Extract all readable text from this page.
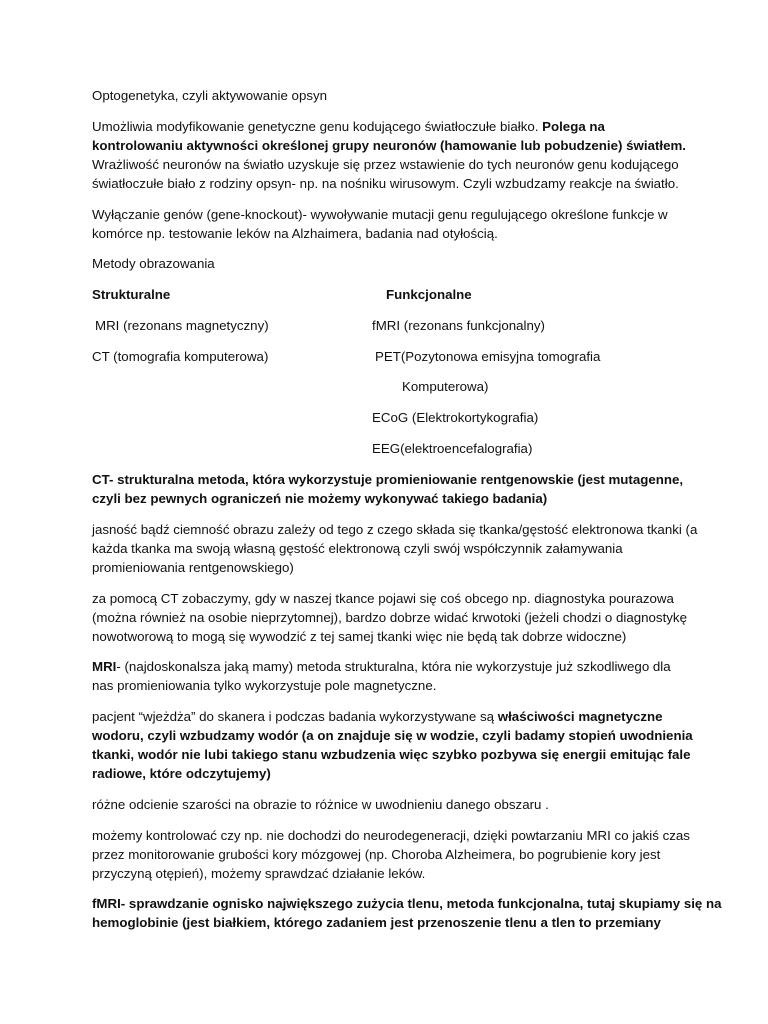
Optogenetyka, czyli aktywowanie opsyn
Umożliwia modyfikowanie genetyczne genu kodującego światłoczułe białko. Polega na
kontrolowaniu aktywności określonej grupy neuronów (hamowanie lub pobudzenie) światłem.
Wrażliwość neuronów na światło uzyskuje się przez wstawienie do tych neuronów genu kodującego
światłoczułe biało z rodziny opsyn- np. na nośniku wirusowym. Czyli wzbudzamy reakcje na światło.
Wyłączanie genów (gene-knockout)- wywoływanie mutacji genu regulującego określone funkcje w
komórce np. testowanie leków na Alzhaimera, badania nad otyłością.
Metody obrazowania
Strukturalne	Funkcjonalne
MRI (rezonans magnetyczny)	fMRI (rezonans funkcjonalny)
CT (tomografia komputerowa)	PET(Pozytonowa emisyjna tomografia
Komputerowa)
ECoG (Elektrokortykografia)
EEG(elektroencefalografia)
CT- strukturalna metoda, która wykorzystuje promieniowanie rentgenowskie (jest mutagenne,
czyli bez pewnych ograniczeń nie możemy wykonywać takiego badania)
jasność bądź ciemność obrazu zależy od tego z czego składa się tkanka/gęstość elektronowa tkanki (a
każda tkanka ma swoją własną gęstość elektronową czyli swój współczynnik załamywania
promieniowania rentgenowskiego)
za pomocą CT zobaczymy, gdy w naszej tkance pojawi się coś obcego np. diagnostyka pourazowa
(można również na osobie nieprzytomnej), bardzo dobrze widać krwotoki (jeżeli chodzi o diagnostykę
nowotworową to mogą się wywodzić z tej samej tkanki więc nie będą tak dobrze widoczne)
MRI- (najdoskonalsza jaką mamy) metoda strukturalna, która nie wykorzystuje już szkodliwego dla
nas promieniowania tylko wykorzystuje pole magnetyczne.
pacjent “wjeżdża” do skanera i podczas badania wykorzystywane są właściwości magnetyczne
wodoru, czyli wzbudzamy wodór (a on znajduje się w wodzie, czyli badamy stopień uwodnienia
tkanki, wodór nie lubi takiego stanu wzbudzenia więc szybko pozbywa się energii emitując fale
radiowe, które odczytujemy)
różne odcienie szarości na obrazie to różnice w uwodnieniu danego obszaru .
możemy kontrolować czy np. nie dochodzi do neurodegeneracji, dzięki powtarzaniu MRI co jakiś czas
przez monitorowanie grubości kory mózgowej (np. Choroba Alzheimera, bo pogrubienie kory jest
przyczyną otępień), możemy sprawdzać działanie leków.
fMRI- sprawdzanie ognisko największego zużycia tlenu, metoda funkcjonalna, tutaj skupiamy się na
hemoglobinie (jest białkiem, którego zadaniem jest przenoszenie tlenu a tlen to przemiany
